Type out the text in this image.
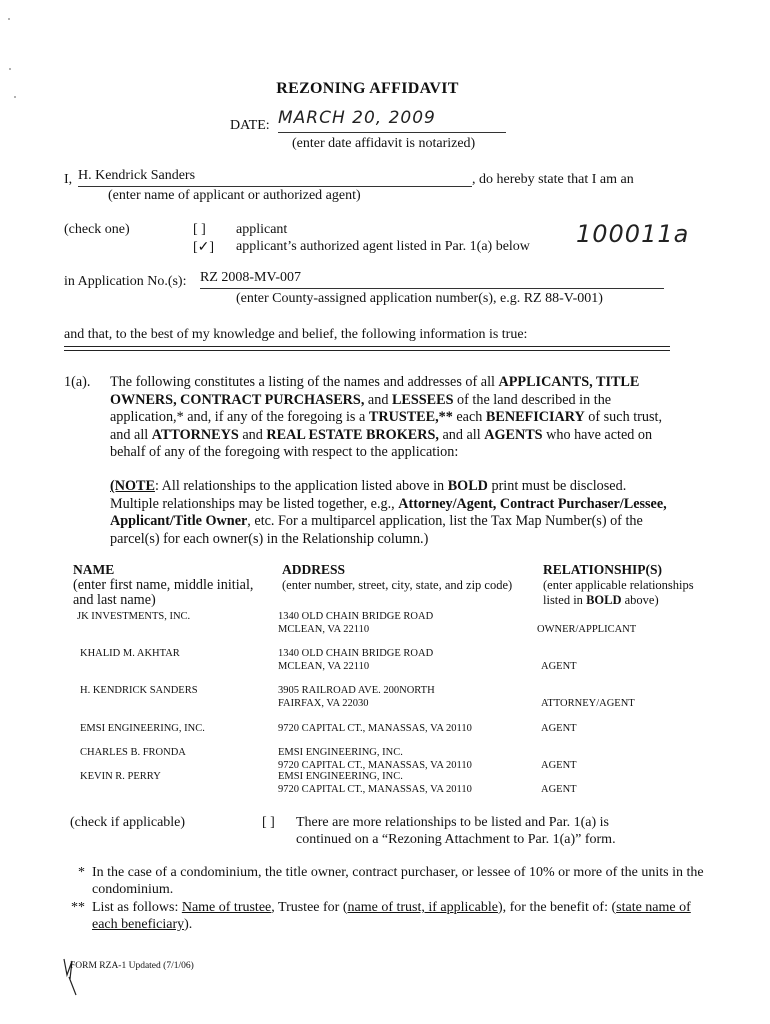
REZONING AFFIDAVIT
DATE: MARCH 20, 2009
(enter date affidavit is notarized)
I, H. Kendrick Sanders	, do hereby state that I am an
(enter name of applicant or authorized agent)
(check one)	[ ] applicant
[✓] applicant’s authorized agent listed in Par. 1(a) below 100011a
in Application No.(s): RZ 2008-MV-007
(enter County-assigned application number(s), e.g. RZ 88-V-001)
and that, to the best of my knowledge and belief, the following information is true:
1(a). The following constitutes a listing of the names and addresses of all APPLICANTS, TITLE OWNERS, CONTRACT PURCHASERS, and LESSEES of the land described in the application,* and, if any of the foregoing is a TRUSTEE,** each BENEFICIARY of such trust, and all ATTORNEYS and REAL ESTATE BROKERS, and all AGENTS who have acted on behalf of any of the foregoing with respect to the application:
(NOTE: All relationships to the application listed above in BOLD print must be disclosed. Multiple relationships may be listed together, e.g., Attorney/Agent, Contract Purchaser/Lessee, Applicant/Title Owner, etc. For a multiparcel application, list the Tax Map Number(s) of the parcel(s) for each owner(s) in the Relationship column.)
NAME
(enter first name, middle initial, and last name)
ADDRESS
(enter number, street, city, state, and zip code)
RELATIONSHIP(S)
(enter applicable relationships
listed in BOLD above)
JK INVESTMENTS, INC.	1340 OLD CHAIN BRIDGE ROAD
MCLEAN, VA 22110	OWNER/APPLICANT
KHALID M. AKHTAR	1340 OLD CHAIN BRIDGE ROAD
MCLEAN, VA 22110	AGENT
H. KENDRICK SANDERS	3905 RAILROAD AVE. 200NORTH
FAIRFAX, VA 22030	ATTORNEY/AGENT
EMSI ENGINEERING, INC.	9720 CAPITAL CT., MANASSAS, VA 20110	AGENT
CHARLES B. FRONDA	EMSI ENGINEERING, INC.
9720 CAPITAL CT., MANASSAS, VA 20110	AGENT
KEVIN R. PERRY	EMSI ENGINEERING, INC.
9720 CAPITAL CT., MANASSAS, VA 20110	AGENT
(check if applicable)	[ ] There are more relationships to be listed and Par. 1(a) is
continued on a “Rezoning Attachment to Par. 1(a)” form.
* In the case of a condominium, the title owner, contract purchaser, or lessee of 10% or more of the units in the
condominium.
** List as follows: Name of trustee, Trustee for (name of trust, if applicable), for the benefit of: (state name of
each beneficiary).
FORM RZA-1 Updated (7/1/06)
